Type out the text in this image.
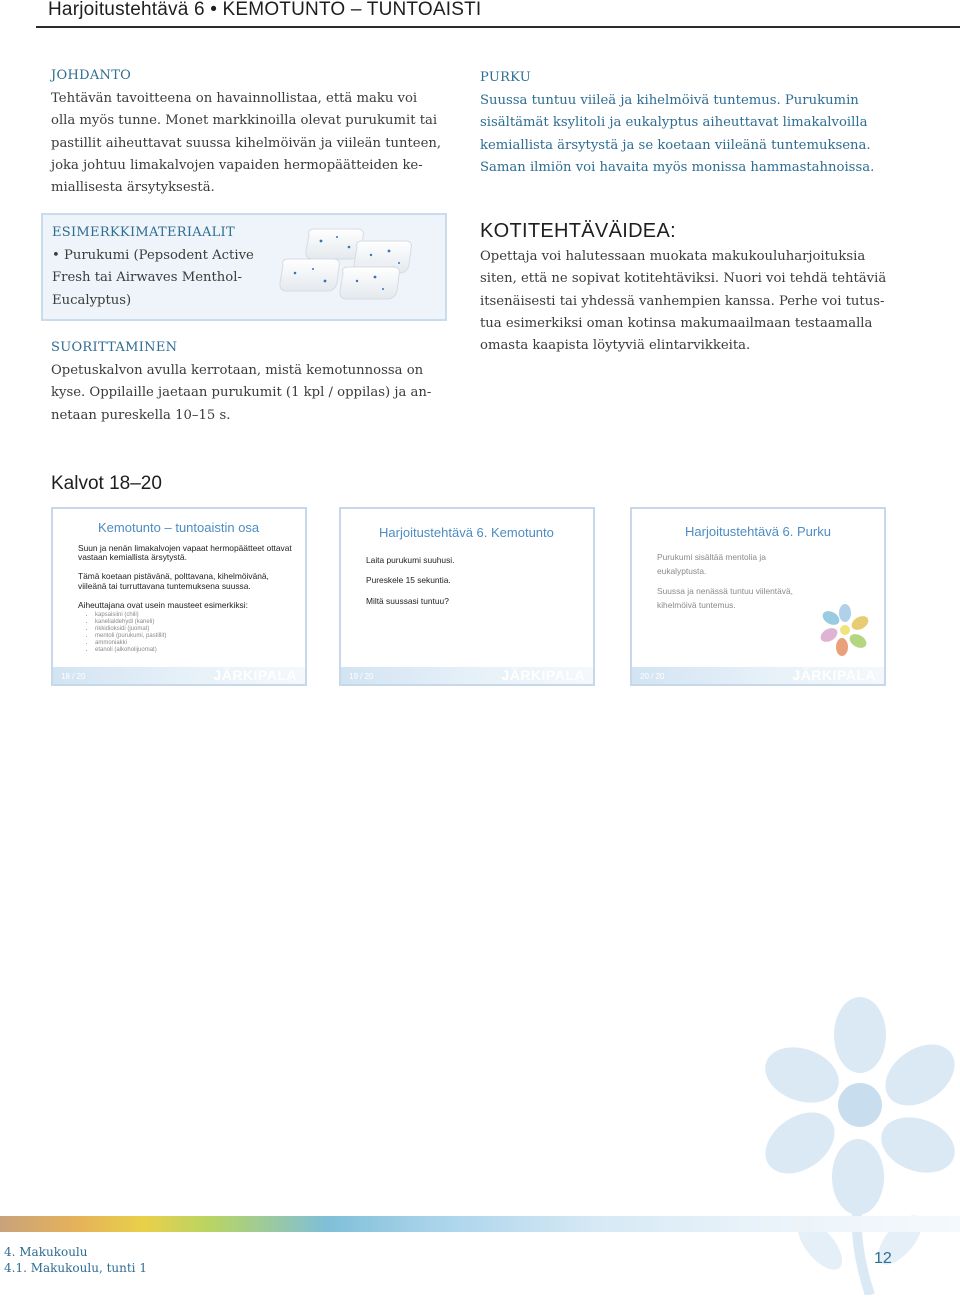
Harjoitustehtävä 6 • KEMOTUNTO – TUNTOAISTI
JOHDANTO
Tehtävän tavoitteena on havainnollistaa, että maku voi
olla myös tunne. Monet markkinoilla olevat purukumit tai
pastillit aiheuttavat suussa kihelmöivän ja viileän tunteen,
joka johtuu limakalvojen vapaiden hermopäätteiden ke-
miallisesta ärsytyksestä.
ESIMERKKIMATERIAALIT
• Purukumi (Pepsodent Active
Fresh tai Airwaves Menthol-
Eucalyptus)
SUORITTAMINEN
Opetuskalvon avulla kerrotaan, mistä kemotunnossa on
kyse. Oppilaille jaetaan purukumit (1 kpl / oppilas) ja an-
netaan pureskella 10–15 s.
PURKU
Suussa tuntuu viileä ja kihelmöivä tuntemus. Purukumin
sisältämät ksylitoli ja eukalyptus aiheuttavat limakalvoilla
kemiallista ärsytystä ja se koetaan viileänä tuntemuksena.
Saman ilmiön voi havaita myös monissa hammastahnoissa.
KOTITEHTÄVÄIDEA:
Opettaja voi halutessaan muokata makukouluharjoituksia
siten, että ne sopivat kotitehtäviksi. Nuori voi tehdä tehtäviä
itsenäisesti tai yhdessä vanhempien kanssa. Perhe voi tutus-
tua esimerkiksi oman kotinsa makumaailmaan testaamalla
omasta kaapista löytyviä elintarvikkeita.
Kalvot 18–20
Kemotunto – tuntoaistin osa
Suun ja nenän limakalvojen vapaat hermopäätteet ottavat
vastaan kemiallista ärsytystä.
Tämä koetaan pistävänä, polttavana, kihelmöivänä,
viileänä tai turruttavana tuntemuksena suussa.
Aiheuttajana ovat usein mausteet esimerkiksi:
• kapsaisiini (chili)
• kanelialdehydi (kaneli)
• rikkidioksidi (juomat)
• mentoli (purukumi, pastillit)
• ammoniakki
• etanoli (alkoholijuomat)
18 / 20	JÄRKIPALA
Harjoitustehtävä 6. Kemotunto
Laita purukumi suuhusi.
Pureskele 15 sekuntia.
Miltä suussasi tuntuu?
19 / 20	JÄRKIPALA
Harjoitustehtävä 6. Purku
Purukumi sisältää mentolia ja
eukalyptusta.
Suussa ja nenässä tuntuu viilentävä,
kihelmöivä tuntemus.
20 / 20	JÄRKIPALA
4. Makukoulu
4.1. Makukoulu, tunti 1
12
